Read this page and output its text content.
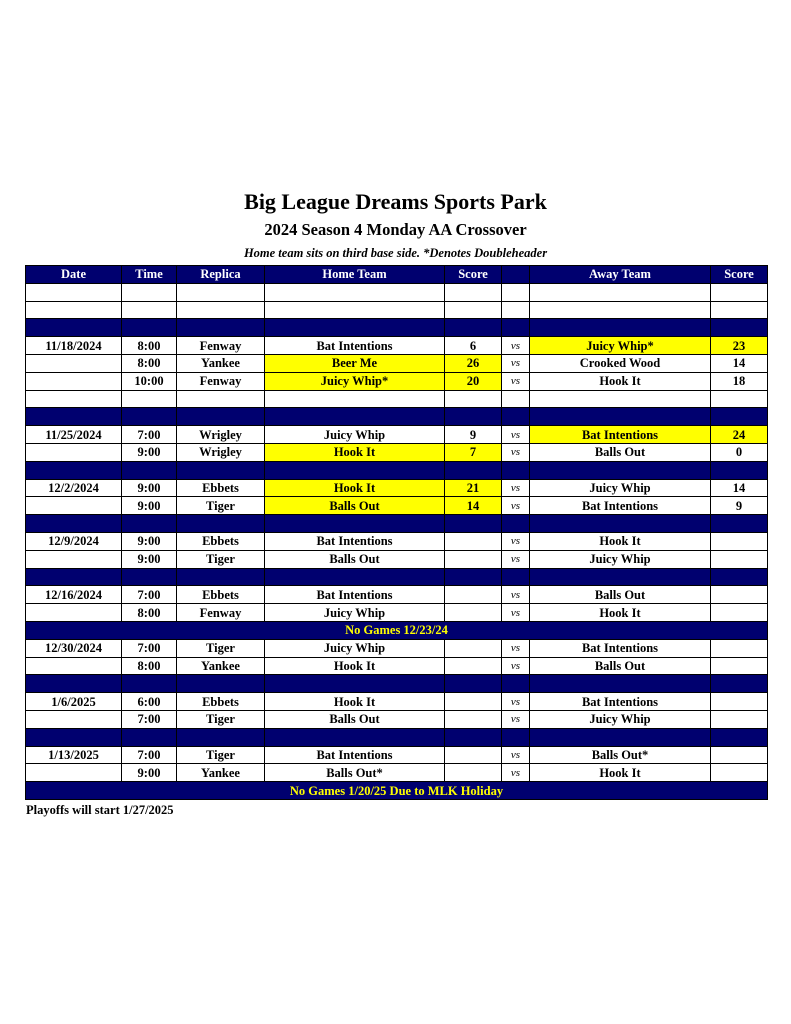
Big League Dreams Sports Park
2024 Season 4 Monday AA Crossover
Home team sits on third base side. *Denotes Doubleheader
Date	Time	Replica	Home Team	Score		Away Team	Score

11/18/2024	8:00	Fenway	Bat Intentions	6	vs	Juicy Whip*	23
	8:00	Yankee	Beer Me	26	vs	Crooked Wood	14
	10:00	Fenway	Juicy Whip*	20	vs	Hook It	18

11/25/2024	7:00	Wrigley	Juicy Whip	9	vs	Bat Intentions	24
	9:00	Wrigley	Hook It	7	vs	Balls Out	0

12/2/2024	9:00	Ebbets	Hook It	21	vs	Juicy Whip	14
	9:00	Tiger	Balls Out	14	vs	Bat Intentions	9

12/9/2024	9:00	Ebbets	Bat Intentions		vs	Hook It	
	9:00	Tiger	Balls Out		vs	Juicy Whip	

12/16/2024	7:00	Ebbets	Bat Intentions		vs	Balls Out	
	8:00	Fenway	Juicy Whip		vs	Hook It	
No Games 12/23/24							
12/30/2024	7:00	Tiger	Juicy Whip		vs	Bat Intentions	
	8:00	Yankee	Hook It		vs	Balls Out	

1/6/2025	6:00	Ebbets	Hook It		vs	Bat Intentions	
	7:00	Tiger	Balls Out		vs	Juicy Whip	

1/13/2025	7:00	Tiger	Bat Intentions		vs	Balls Out*	
	9:00	Yankee	Balls Out*		vs	Hook It	
No Games 1/20/25 Due to MLK Holiday							
Playoffs will start 1/27/2025
